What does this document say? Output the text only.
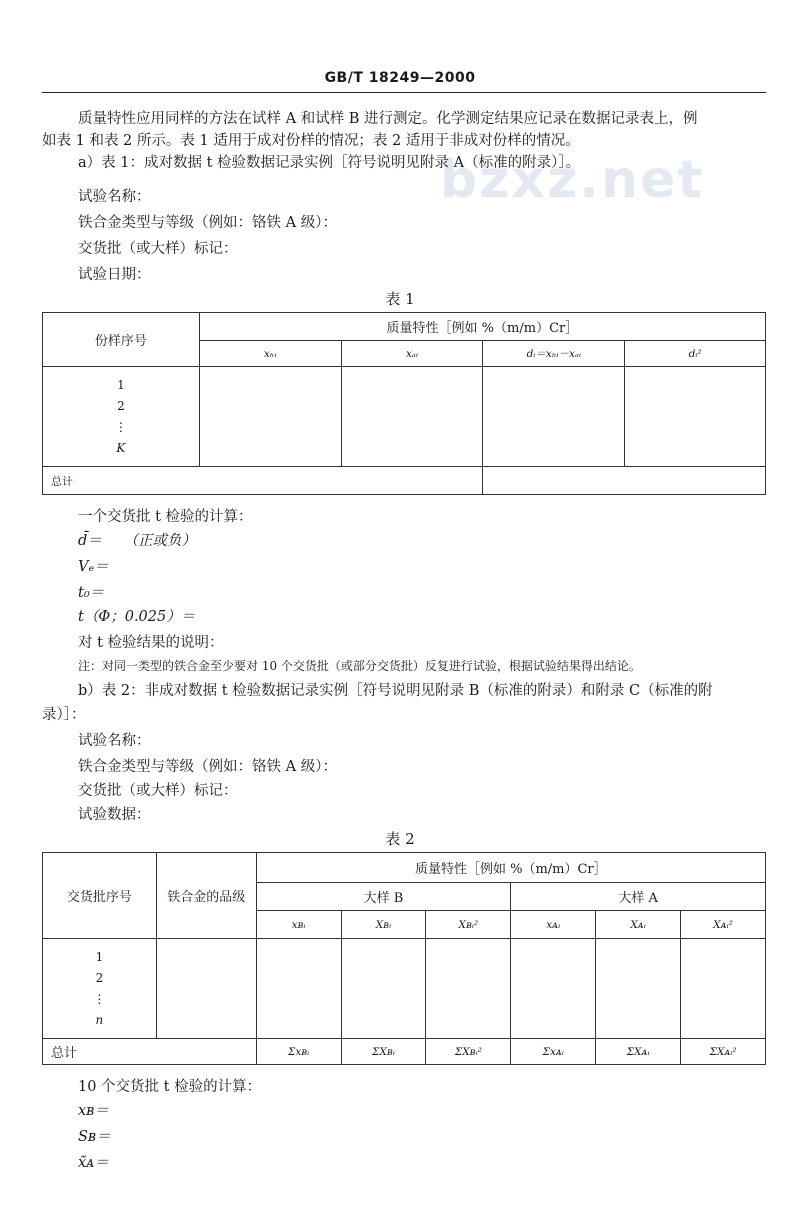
GB/T 18249—2000
bzxz.net
质量特性应用同样的方法在试样 A 和试样 B 进行测定。化学测定结果应记录在数据记录表上，例
如表 1 和表 2 所示。表 1 适用于成对份样的情况；表 2 适用于非成对份样的情况。
a）表 1：成对数据 t 检验数据记录实例［符号说明见附录 A（标准的附录）］。
试验名称：
铁合金类型与等级（例如：铬铁 A 级）：
交货批（或大样）标记：
试验日期：
表 1
份样序号	质量特性［例如 %（m/m）Cr］			
	xₕᵢ	xₐᵢ	dᵢ＝xₕᵢ－xₐᵢ	dᵢ²

1
2
⋮
K				

总计				
一个交货批 t 检验的计算：
d̄＝　　（正或负）
Vₑ＝
t₀＝
t（Φ；0.025）＝
对 t 检验结果的说明：
注：对同一类型的铁合金至少要对 10 个交货批（或部分交货批）反复进行试验，根据试验结果得出结论。
b）表 2：非成对数据 t 检验数据记录实例［符号说明见附录 B（标准的附录）和附录 C（标准的附
录）］：
试验名称：
铁合金类型与等级（例如：铬铁 A 级）：
交货批（或大样）标记：
试验数据：
表 2
交货批序号	铁合金的品级	质量特性［例如 %（m/m）Cr］					
		大样 B			大样 A		
		xʙᵢ	Xʙᵢ	Xʙᵢ²	xᴀᵢ	Xᴀᵢ	Xᴀᵢ²

1
2
⋮
n							

总计		Σxʙᵢ	ΣXʙᵢ	ΣXʙᵢ²	Σxᴀᵢ	ΣXᴀᵢ	ΣXᴀᵢ²
10 个交货批 t 检验的计算：
xʙ＝
Sʙ＝
x̃ᴀ＝
